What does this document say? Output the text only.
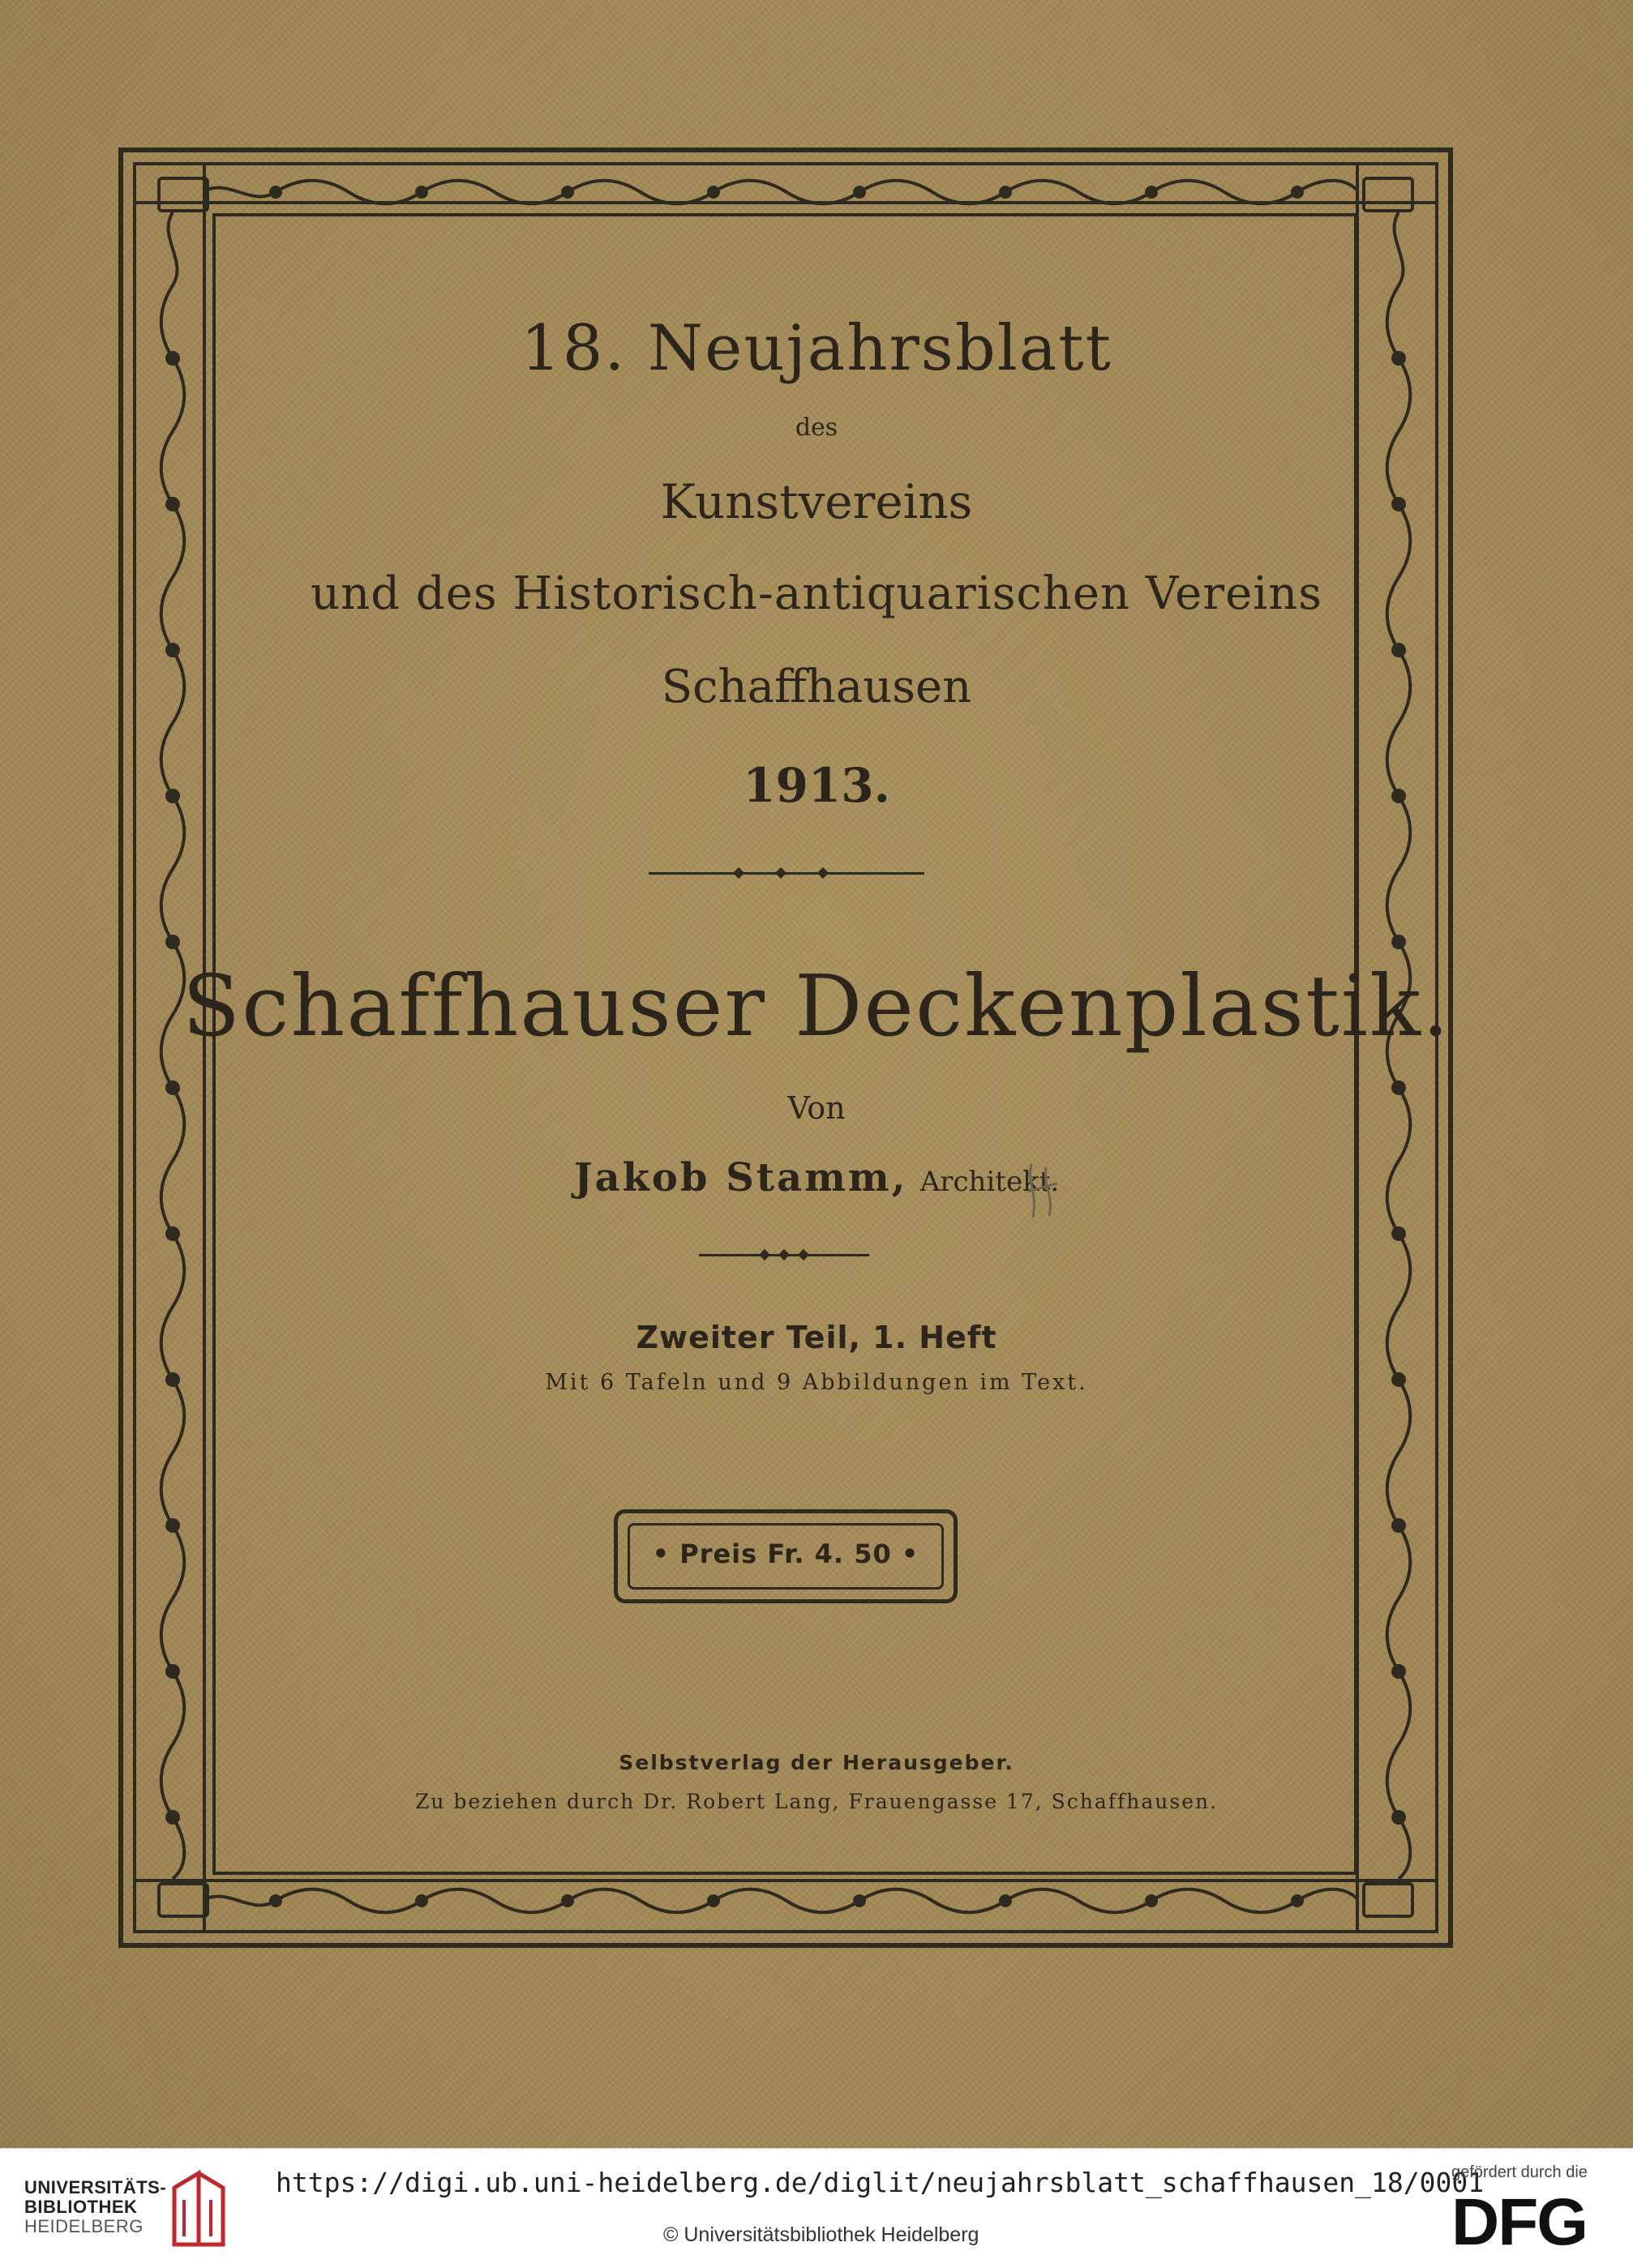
18. Neujahrsblatt
des
Kunstvereins
und des Historisch-antiquarischen Vereins
Schaffhausen
1913.
Schaffhauser Deckenplastik.
Von
Jakob Stamm, Architekt.
Zweiter Teil, 1. Heft
Mit 6 Tafeln und 9 Abbildungen im Text.
• Preis Fr. 4. 50 •
Selbstverlag der Herausgeber.
Zu beziehen durch Dr. Robert Lang, Frauengasse 17, Schaffhausen.
UNIVERSITÄTS-
BIBLIOTHEK
HEIDELBERG
https://digi.ub.uni-heidelberg.de/diglit/neujahrsblatt_schaffhausen_18/0001
© Universitätsbibliothek Heidelberg
gefördert durch die
DFG
